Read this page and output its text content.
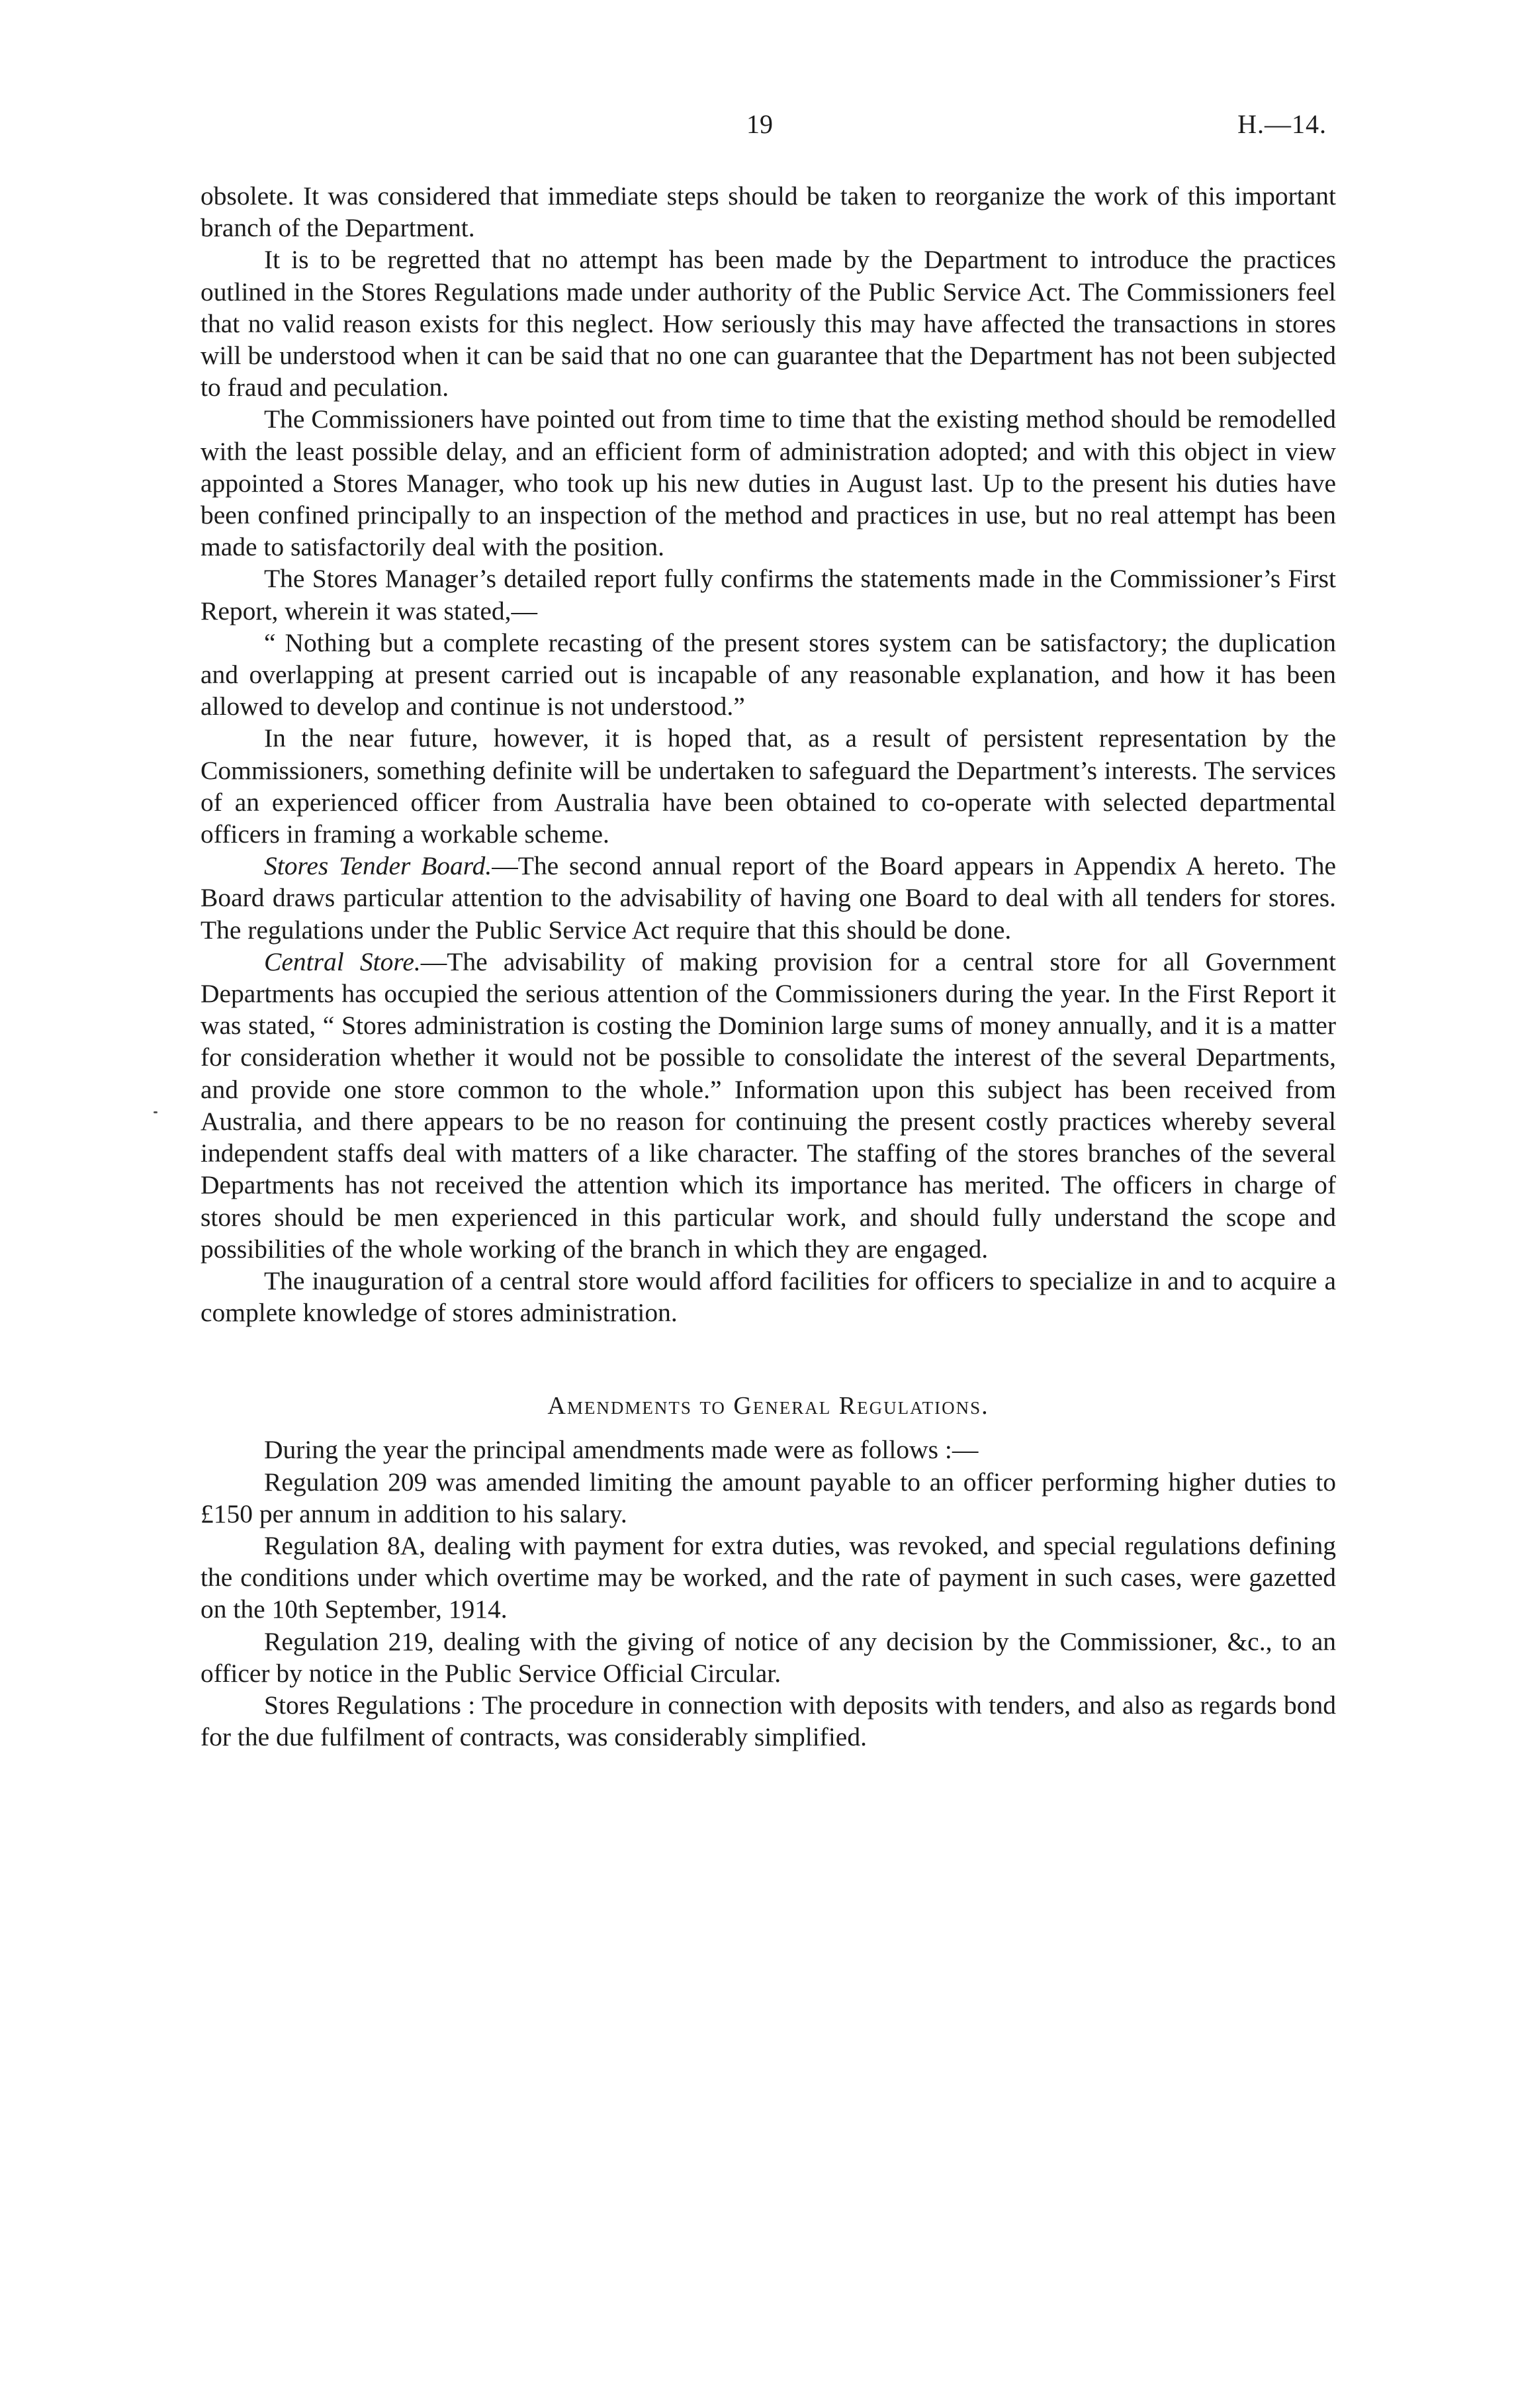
19	H.—14.

obsolete. It was considered that immediate steps should be taken to reorganize the work of this important branch of the Department.

It is to be regretted that no attempt has been made by the Department to introduce the practices outlined in the Stores Regulations made under authority of the Public Service Act. The Commissioners feel that no valid reason exists for this neglect. How seriously this may have affected the transactions in stores will be understood when it can be said that no one can guarantee that the Department has not been subjected to fraud and peculation.

The Commissioners have pointed out from time to time that the existing method should be remodelled with the least possible delay, and an efficient form of administration adopted; and with this object in view appointed a Stores Manager, who took up his new duties in August last. Up to the present his duties have been confined principally to an inspection of the method and practices in use, but no real attempt has been made to satisfactorily deal with the position.

The Stores Manager’s detailed report fully confirms the statements made in the Commissioner’s First Report, wherein it was stated,—

“ Nothing but a complete recasting of the present stores system can be satisfactory; the duplication and overlapping at present carried out is incapable of any reasonable explanation, and how it has been allowed to develop and continue is not understood.”

In the near future, however, it is hoped that, as a result of persistent representation by the Commissioners, something definite will be undertaken to safeguard the Department’s interests. The services of an experienced officer from Australia have been obtained to co-operate with selected departmental officers in framing a workable scheme.

Stores Tender Board.—The second annual report of the Board appears in Appendix A hereto. The Board draws particular attention to the advisability of having one Board to deal with all tenders for stores. The regulations under the Public Service Act require that this should be done.

Central Store.—The advisability of making provision for a central store for all Government Departments has occupied the serious attention of the Commissioners during the year. In the First Report it was stated, “ Stores administration is costing the Dominion large sums of money annually, and it is a matter for consideration whether it would not be possible to consolidate the interest of the several Departments, and provide one store common to the whole.” Information upon this subject has been received from Australia, and there appears to be no reason for continuing the present costly practices whereby several independent staffs deal with matters of a like character. The staffing of the stores branches of the several Departments has not received the attention which its importance has merited. The officers in charge of stores should be men experienced in this particular work, and should fully understand the scope and possibilities of the whole working of the branch in which they are engaged.

The inauguration of a central store would afford facilities for officers to specialize in and to acquire a complete knowledge of stores administration.

Amendments to General Regulations.

During the year the principal amendments made were as follows :—

Regulation 209 was amended limiting the amount payable to an officer performing higher duties to £150 per annum in addition to his salary.

Regulation 8A, dealing with payment for extra duties, was revoked, and special regulations defining the conditions under which overtime may be worked, and the rate of payment in such cases, were gazetted on the 10th September, 1914.

Regulation 219, dealing with the giving of notice of any decision by the Commissioner, &c., to an officer by notice in the Public Service Official Circular.

Stores Regulations : The procedure in connection with deposits with tenders, and also as regards bond for the due fulfilment of contracts, was considerably simplified.
